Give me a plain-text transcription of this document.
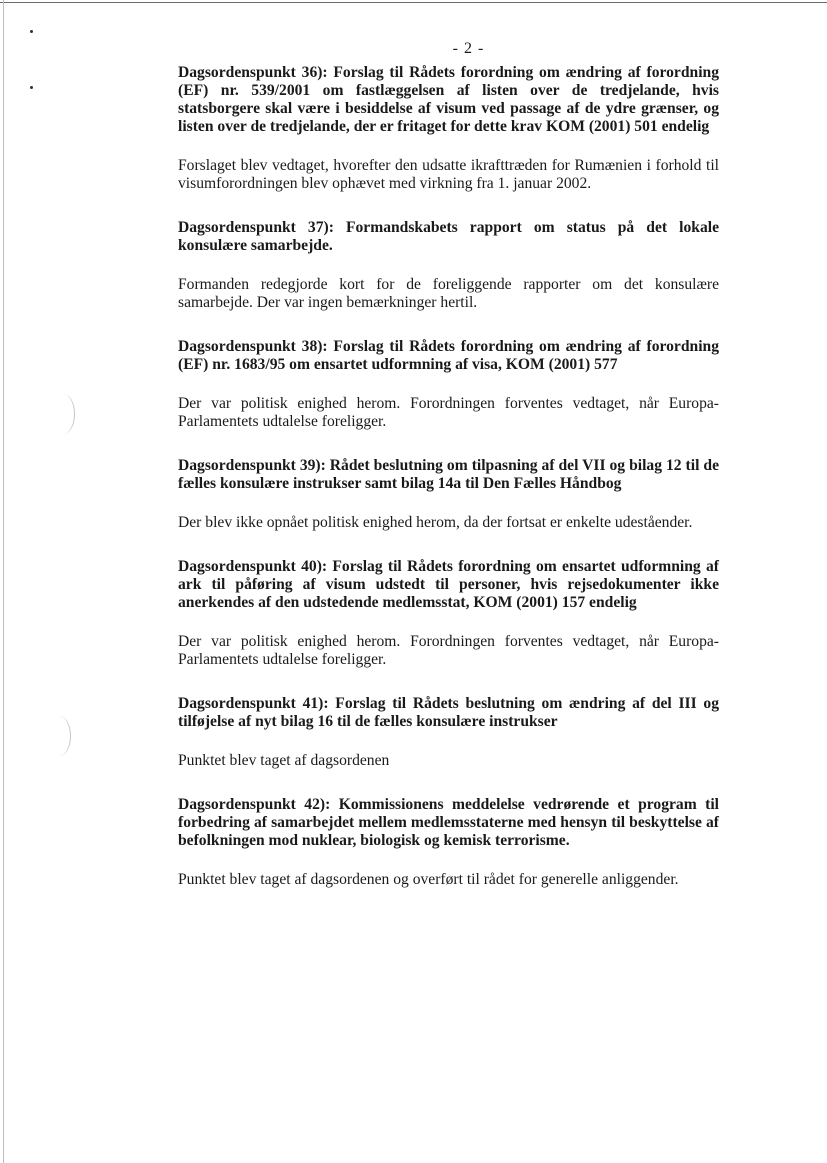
- 2 -

Dagsordenspunkt 36): Forslag til Rådets forordning om ændring af forordning (EF) nr. 539/2001 om fastlæggelsen af listen over de tredjelande, hvis statsborgere skal være i besiddelse af visum ved passage af de ydre grænser, og listen over de tredjelande, der er fritaget for dette krav KOM (2001) 501 endelig

Forslaget blev vedtaget, hvorefter den udsatte ikrafttræden for Rumænien i forhold til visumforordningen blev ophævet med virkning fra 1. januar 2002.

Dagsordenspunkt 37): Formandskabets rapport om status på det lokale konsulære samarbejde.

Formanden redegjorde kort for de foreliggende rapporter om det konsulære samarbejde. Der var ingen bemærkninger hertil.

Dagsordenspunkt 38): Forslag til Rådets forordning om ændring af forordning (EF) nr. 1683/95 om ensartet udformning af visa, KOM (2001) 577

Der var politisk enighed herom. Forordningen forventes vedtaget, når Europa-Parlamentets udtalelse foreligger.

Dagsordenspunkt 39): Rådet beslutning om tilpasning af del VII og bilag 12 til de fælles konsulære instrukser samt bilag 14a til Den Fælles Håndbog

Der blev ikke opnået politisk enighed herom, da der fortsat er enkelte udeståender.

Dagsordenspunkt 40): Forslag til Rådets forordning om ensartet udformning af ark til påføring af visum udstedt til personer, hvis rejsedokumenter ikke anerkendes af den udstedende medlemsstat, KOM (2001) 157 endelig

Der var politisk enighed herom. Forordningen forventes vedtaget, når Europa-Parlamentets udtalelse foreligger.

Dagsordenspunkt 41): Forslag til Rådets beslutning om ændring af del III og tilføjelse af nyt bilag 16 til de fælles konsulære instrukser

Punktet blev taget af dagsordenen

Dagsordenspunkt 42): Kommissionens meddelelse vedrørende et program til forbedring af samarbejdet mellem medlemsstaterne med hensyn til beskyttelse af befolkningen mod nuklear, biologisk og kemisk terrorisme.

Punktet blev taget af dagsordenen og overført til rådet for generelle anliggender.
